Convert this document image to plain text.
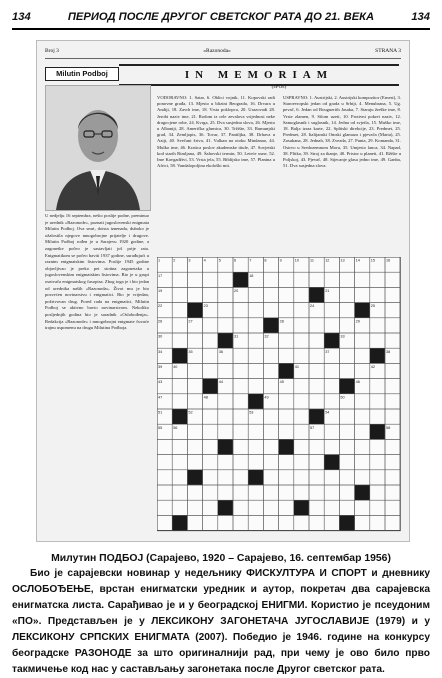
134	ПЕРИОД ПОСЛЕ ДРУГОГ СВЕТСКОГ РАТА ДО 21. ВЕКА	134
Broj 3	«Razonoda»	STRANA 3
Milutin Podboj	IN MEMORIAM
U nedjelju 16 septembra, nešto poslije podne, preminuo je urednik «Razonode», poznati jugoslovenski enigmata Milutin Podboj. Ova smrt, doista iznenada, duboko je ožalostila njegove mnogobrojne prijatelje i drugove. Milutin Podboj rođen je u Sarajevu 1920 godine, a zagonetke počeo je sastavljati još prije rata. Enigmatikom se počeo baviti 1937 godine, surađujući u raznim enigmatskim listovima. Poslije 1945 godine objavljivao je preko pet stotina zagonetaka u jugoslovenskim enigmatskim listovima. Bio je u grupi osnivača enigmatskog časopisa. Zbog toga je i bio jedan od urednika naših «Razonoda». Život mu je bio posvećen novinarstvu i enigmatici. Bio je vrijedan, požrtvovan drug. Pored rada na enigmatici, Milutin Podboj se aktivno bavio novinarstvom. Nekoliko posljednjih godina bio je saradnik «Oslobođenja». Redakcija «Razonode» i mnogobrojni enigmate čuvaće trajnu uspomenu na drugu Milutina Podboja.
(«PO»)
VODORAVNO: 1. Satar, 6. Oblici vojnik, 11. Kopovski radi ponovne građa, 13. Mjesto u blizini Beograda, 16. Drvara u Andiji, 18. Zavrh ime, 18. Vrsta poklopca, 20. Urazovadi 28. Jerobi naziv ime, 21. Rodom iz cele zevalova vrijednost neke dragocjene robe, 24. Kvrga, 25. Dva susjedna slova, 26. Mjesto u Albaniji, 28. Američka glumica, 30. Tržište, 33. Rumunjski grad, 34. Zemljopis, 36. Tovar, 37. Pantiljka, 38. Drhava u Aziji, 40. Svečani žrtva, 41. Vulkan na otoku Mindanao, 44. Mulko ime, 46. Kratica poslov akademske titule, 47. Sovjetski kod starih Rimljana, 49. Šahovski termin, 50. Leteće usne, 52. Ime Kavgadživi, 53. Vrsta jela, 55. Biblijsko ime, 57. Planina u Africi, 58. Vandalopoljina ekološki mit.
USPRAVNO: 1. Austrijski, 2. Austrijski kompozitor (Ernest), 3. Staroevropski jedan od grada u Srbiji, 4. Menubrana, 5. Ug. pevač, 6. Jedan od Bouguerith Jasaka, 7. Staraju žreške ime, 8. Vrste zlamen, 9. Silom uzeti, 10. Protivni pokret naziv, 12. Samoglasnik i suglasnik, 14. Jedna od svjetla, 15. Muško ime, 18. Balja izraz karte, 22. Splitski direkcije, 23. Predmet, 25. Predmet, 28. Italijanski Omski glamaza i pjevača (Marta), 25. Zasukana, 28. Jednah, 38. Zvezda, 27. Punta, 29. Komanda, 31. Ostrvo u Sredozemnom Moru, 35. Umjesto lanca, 34. Napad, 38. Plitka, 39. Stroj za tkanje, 40. Pristor u planeti, 41. Ržište u Poljskoj, 43. Pjevač, 48. Stjecanje glasa jedno ime, 49. Ganba, 51. Dva susjedna slova.
1	2	3	4	5	6	7	8	9	10	11	12	13	14	15	16
17	18
19	20	21
22	23	24	25
26	27	28	29
30	31	32	33
34	35	36	37	38
39	40	41	42
43	44	45	46
47	48	49	50
51	52	53	54
55	56	57	58
Милутин ПОДБОЈ (Сарајево, 1920 – Сарајево, 16. септембар 1956)
Био је сарајевски новинар у недељнику ФИСКУЛТУРА И СПОРТ и дневнику ОСЛОБОЂЕЊЕ, врстан енигматски уредник и аутор, покретач два сарајевска енигматска листа. Сарађивао је и у београдској ЕНИГМИ. Користио је псеудоним «ПО». Представљен је у ЛЕКСИКОНУ ЗАГОНЕТАЧА ЈУГОСЛАВИЈЕ (1979) и у ЛЕКСИКОНУ СРПСКИХ ЕНИГМАТА (2007). Победио је 1946. године на конкурсу београдске РАЗОНОДЕ за што оригиналнији рад, при чему је ово било прво такмичење код нас у састављању загонетака после Другог светског рата.
